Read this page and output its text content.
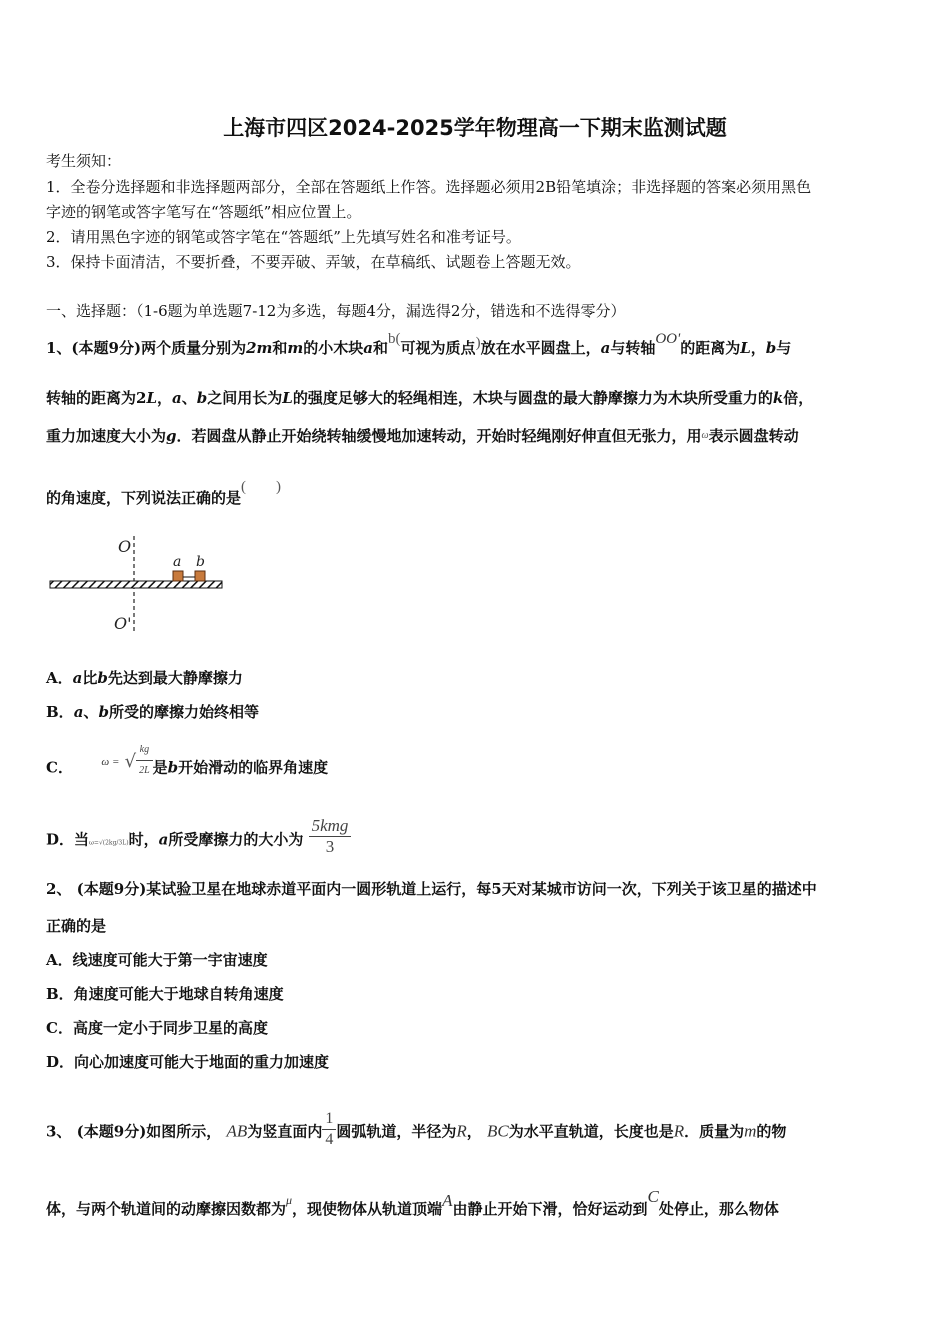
上海市四区2024-2025学年物理高一下期末监测试题
考生须知：
1．全卷分选择题和非选择题两部分，全部在答题纸上作答。选择题必须用2B铅笔填涂；非选择题的答案必须用黑色
字迹的钢笔或答字笔写在“答题纸”相应位置上。
2．请用黑色字迹的钢笔或答字笔在“答题纸”上先填写姓名和准考证号。
3．保持卡面清洁，不要折叠，不要弄破、弄皱，在草稿纸、试题卷上答题无效。
一、选择题：（1-6题为单选题7-12为多选，每题4分，漏选得2分，错选和不选得零分）
1、(本题9分)两个质量分别为2m和m的小木块a和b(可视为质点)放在水平圆盘上，a与转轴OO'的距离为L，b与
转轴的距离为2L，a、b之间用长为L的强度足够大的轻绳相连，木块与圆盘的最大静摩擦力为木块所受重力的k倍，
重力加速度大小为g．若圆盘从静止开始绕转轴缓慢地加速转动，开始时轻绳刚好伸直但无张力，用$^\omega$表示圆盘转动
的角速度，下列说法正确的是(　　)
O
O'
a b
A．a比b先达到最大静摩擦力
B．a、b所受的摩擦力始终相等
C．	$^{\omega =}$ √ $\frac{kg}{2L}$ 是b开始滑动的临界角速度
D．当ω=√(2kg/3L)时，a所受摩擦力的大小为 $\frac{\text{5kmg}}{3}$
2、 (本题9分)某试验卫星在地球赤道平面内一圆形轨道上运行，每5天对某城市访问一次，下列关于该卫星的描述中
正确的是
A．线速度可能大于第一宇宙速度
B．角速度可能大于地球自转角速度
C．高度一定小于同步卫星的高度
D．向心加速度可能大于地面的重力加速度
3、 (本题9分)如图所示， AB为竖直面内 $\frac{1}{4}$ 圆弧轨道，半径为R， BC为水平直轨道，长度也是R．质量为m的物
体，与两个轨道间的动摩擦因数都为$^\mu$，现使物体从轨道顶端A由静止开始下滑，恰好运动到C处停止，那么物体
